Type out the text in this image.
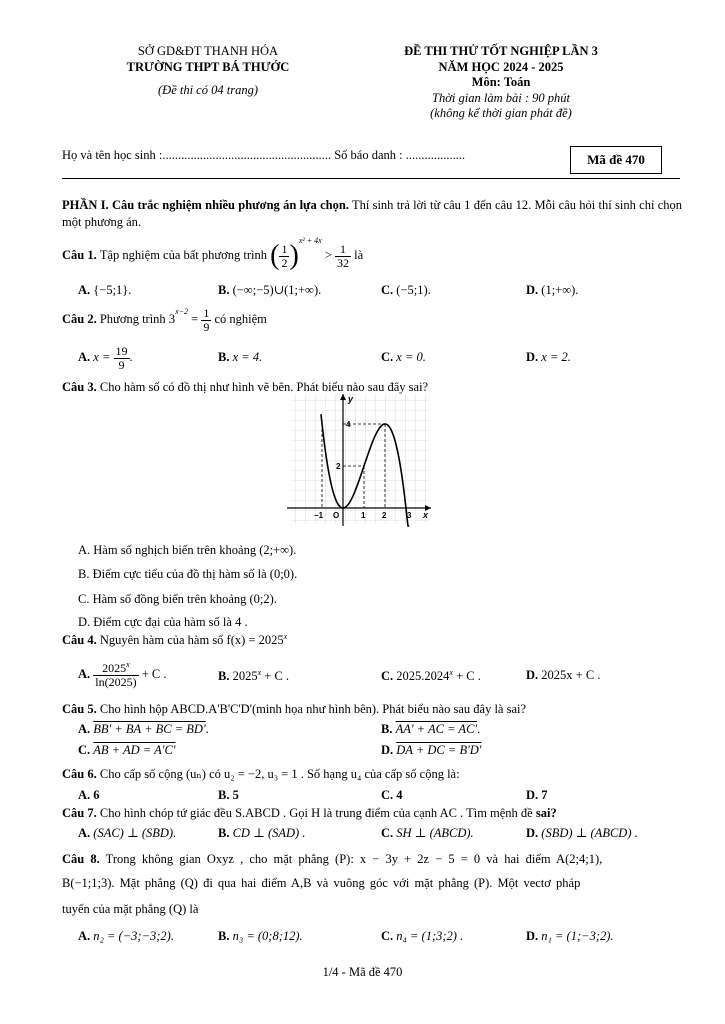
SỞ GD&ĐT THANH HÓA
TRƯỜNG THPT BÁ THƯỚC
(Đề thi có 04 trang)
ĐỀ THI THỬ TỐT NGHIỆP LẦN 3
NĂM HỌC 2024 - 2025
Môn: Toán
Thời gian làm bài : 90 phút
(không kể thời gian phát đề)
Họ và tên học sinh :...................................................... Số báo danh : ...................	Mã đề 470
PHẦN I. Câu trắc nghiệm nhiều phương án lựa chọn. Thí sinh trả lời từ câu 1 đến câu 12. Mỗi câu hỏi thí sinh chỉ chọn một phương án.
Câu 1.
Tập nghiệm của bất phương trình
( $\frac{1}{2} )^{x^2 + 4x}$

>
$\frac{1}{32}$
là
A. {−5;1}.	B. (−∞;−5)∪(1;+∞).	C. (−5;1).	D. (1;+∞).
Câu 2.
Phương trình
3
$^{x-2}$

=
$\frac{1}{9}$
có nghiệm
A.
x =
$\frac{19}{9}$ .	B. x = 4.	C. x = 0.	D. x = 2.
Câu 3. Cho hàm số có đồ thị như hình vẽ bên. Phát biểu nào sau đây sai?
y
x
O
−1	1 2	3
2
4
A. Hàm số nghịch biến trên khoảng (2;+∞).
B. Điểm cực tiểu của đồ thị hàm số là (0;0).
C. Hàm số đồng biến trên khoảng (0;2).
D. Điểm cực đại của hàm số là 4 .
Câu 4. Nguyên hàm của hàm số $f(x) = 2025^x$
A.
$\frac{2025^x}{\ln(2025)}$
+ C .	B. $2025^x + C$ .	C. $2025.2024^x + C$ .	D. 2025x + C .
Câu 5. Cho hình hộp ABCD.A'B'C'D'(minh họa như hình bên). Phát biểu nào sau đây là sai?
A. BB' + BA + BC = BD'.	B. AA' + AC = AC'.
C. AB + AD = A'C'	D. DA + DC = B'D'
Câu 6. Cho cấp số cộng (uₙ) có u₂ = −2, u₃ = 1 . Số hạng u₄ của cấp số cộng là:
A. 6	B. 5	C. 4	D. 7
Câu 7. Cho hình chóp tứ giác đều S.ABCD . Gọi H là trung điểm của cạnh AC . Tìm mệnh đề sai?
A. (SAC) ⊥ (SBD).	B. CD ⊥ (SAD) .	C. SH ⊥ (ABCD).	D. (SBD) ⊥ (ABCD) .
Câu 8. Trong không gian Oxyz , cho mặt phẳng (P): x − 3y + 2z − 5 = 0 và hai điểm A(2;4;1),
B(−1;1;3). Mặt phẳng (Q) đi qua hai điểm A,B và vuông góc với mặt phẳng (P). Một vectơ pháp
tuyến của mặt phẳng (Q) là
A. n₂ = (−3;−3;2).	B. n₃ = (0;8;12).	C. n₄ = (1;3;2) .	D. n₁ = (1;−3;2).
1/4 - Mã đề 470
